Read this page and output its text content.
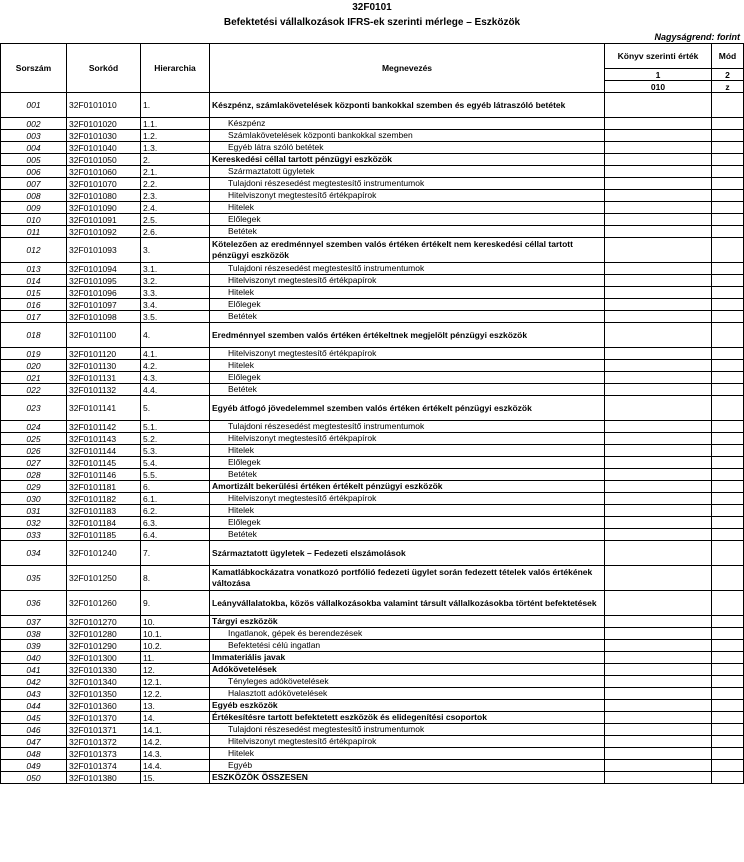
32F0101
Befektetési vállalkozások IFRS-ek szerinti mérlege – Eszközök
Nagyságrend: forint
Sorszám	Sorkód	Hierarchia	Megnevezés	Könyv szerinti érték	Mód
				1	2
				010	z
001	32F0101010	1.	Készpénz, számlakövetelések központi bankokkal szemben és egyéb látraszóló betétek		
002	32F0101020	1.1.	Készpénz		
003	32F0101030	1.2.	Számlakövetelések központi bankokkal szemben		
004	32F0101040	1.3.	Egyéb látra szóló betétek		
005	32F0101050	2.	Kereskedési céllal tartott pénzügyi eszközök		
006	32F0101060	2.1.	Származtatott ügyletek		
007	32F0101070	2.2.	Tulajdoni részesedést megtestesítő instrumentumok		
008	32F0101080	2.3.	Hitelviszonyt megtestesítő értékpapírok		
009	32F0101090	2.4.	Hitelek		
010	32F0101091	2.5.	Előlegek		
011	32F0101092	2.6.	Betétek		
012	32F0101093	3.	Kötelezően az eredménnyel szemben valós értéken értékelt nem kereskedési céllal tartott pénzügyi eszközök		
013	32F0101094	3.1.	Tulajdoni részesedést megtestesítő instrumentumok		
014	32F0101095	3.2.	Hitelviszonyt megtestesítő értékpapírok		
015	32F0101096	3.3.	Hitelek		
016	32F0101097	3.4.	Előlegek		
017	32F0101098	3.5.	Betétek		
018	32F0101100	4.	Eredménnyel szemben valós értéken értékeltnek megjelölt pénzügyi eszközök		
019	32F0101120	4.1.	Hitelviszonyt megtestesítő értékpapírok		
020	32F0101130	4.2.	Hitelek		
021	32F0101131	4.3.	Előlegek		
022	32F0101132	4.4.	Betétek		
023	32F0101141	5.	Egyéb átfogó jövedelemmel szemben valós értéken értékelt pénzügyi eszközök		
024	32F0101142	5.1.	Tulajdoni részesedést megtestesítő instrumentumok		
025	32F0101143	5.2.	Hitelviszonyt megtestesítő értékpapírok		
026	32F0101144	5.3.	Hitelek		
027	32F0101145	5.4.	Előlegek		
028	32F0101146	5.5.	Betétek		
029	32F0101181	6.	Amortizált bekerülési értéken értékelt pénzügyi eszközök		
030	32F0101182	6.1.	Hitelviszonyt megtestesítő értékpapírok		
031	32F0101183	6.2.	Hitelek		
032	32F0101184	6.3.	Előlegek		
033	32F0101185	6.4.	Betétek		
034	32F0101240	7.	Származtatott ügyletek – Fedezeti elszámolások		
035	32F0101250	8.	Kamatlábkockázatra vonatkozó portfólió fedezeti ügylet során fedezett tételek valós értékének változása		
036	32F0101260	9.	Leányvállalatokba, közös vállalkozásokba valamint társult vállalkozásokba történt befektetések		
037	32F0101270	10.	Tárgyi eszközök		
038	32F0101280	10.1.	Ingatlanok, gépek és berendezések		
039	32F0101290	10.2.	Befektetési célú ingatlan		
040	32F0101300	11.	Immateriális javak		
041	32F0101330	12.	Adókövetelések		
042	32F0101340	12.1.	Tényleges adókövetelések		
043	32F0101350	12.2.	Halasztott adókövetelések		
044	32F0101360	13.	Egyéb eszközök		
045	32F0101370	14.	Értékesítésre tartott befektetett eszközök és elidegenítési csoportok		
046	32F0101371	14.1.	Tulajdoni részesedést megtestesítő instrumentumok		
047	32F0101372	14.2.	Hitelviszonyt megtestesítő értékpapírok		
048	32F0101373	14.3.	Hitelek		
049	32F0101374	14.4.	Egyéb		
050	32F0101380	15.	ESZKÖZÖK ÖSSZESEN		
